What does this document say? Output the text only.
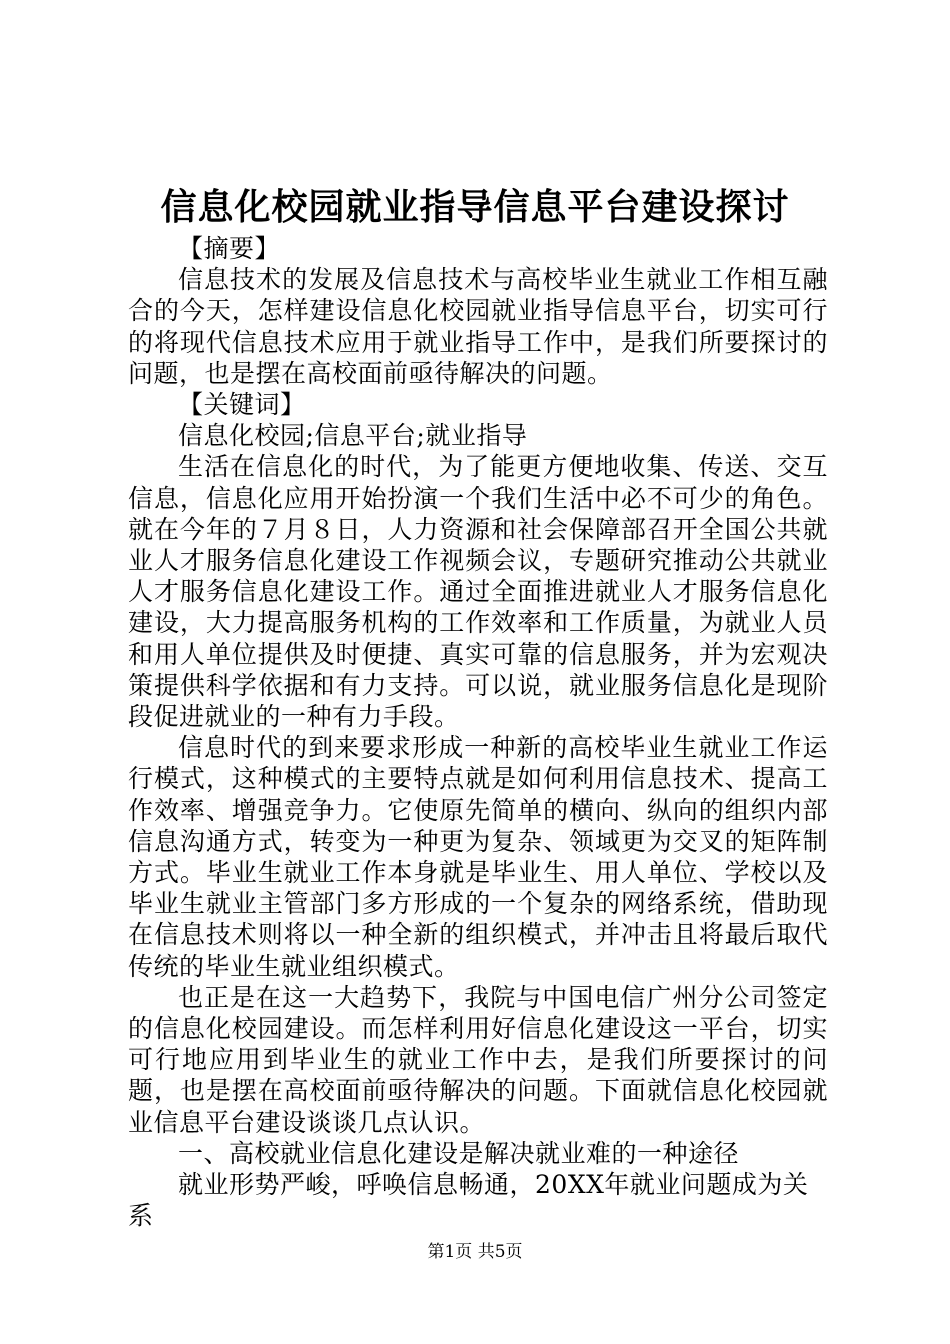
信息化校园就业指导信息平台建设探讨

【摘要】

信息技术的发展及信息技术与高校毕业生就业工作相互融合的今天，怎样建设信息化校园就业指导信息平台，切实可行的将现代信息技术应用于就业指导工作中，是我们所要探讨的问题，也是摆在高校面前亟待解决的问题。

【关键词】

信息化校园;信息平台;就业指导

生活在信息化的时代，为了能更方便地收集、传送、交互信息，信息化应用开始扮演一个我们生活中必不可少的角色。就在今年的７月８日，人力资源和社会保障部召开全国公共就业人才服务信息化建设工作视频会议，专题研究推动公共就业人才服务信息化建设工作。通过全面推进就业人才服务信息化建设，大力提高服务机构的工作效率和工作质量，为就业人员和用人单位提供及时便捷、真实可靠的信息服务，并为宏观决策提供科学依据和有力支持。可以说，就业服务信息化是现阶段促进就业的一种有力手段。

信息时代的到来要求形成一种新的高校毕业生就业工作运行模式，这种模式的主要特点就是如何利用信息技术、提高工作效率、增强竞争力。它使原先简单的横向、纵向的组织内部信息沟通方式，转变为一种更为复杂、领域更为交叉的矩阵制方式。毕业生就业工作本身就是毕业生、用人单位、学校以及毕业生就业主管部门多方形成的一个复杂的网络系统，借助现在信息技术则将以一种全新的组织模式，并冲击且将最后取代传统的毕业生就业组织模式。

也正是在这一大趋势下，我院与中国电信广州分公司签定的信息化校园建设。而怎样利用好信息化建设这一平台，切实可行地应用到毕业生的就业工作中去，是我们所要探讨的问题，也是摆在高校面前亟待解决的问题。下面就信息化校园就业信息平台建设谈谈几点认识。

一、高校就业信息化建设是解决就业难的一种途径

就业形势严峻，呼唤信息畅通，20XX年就业问题成为关系

第1页 共5页
